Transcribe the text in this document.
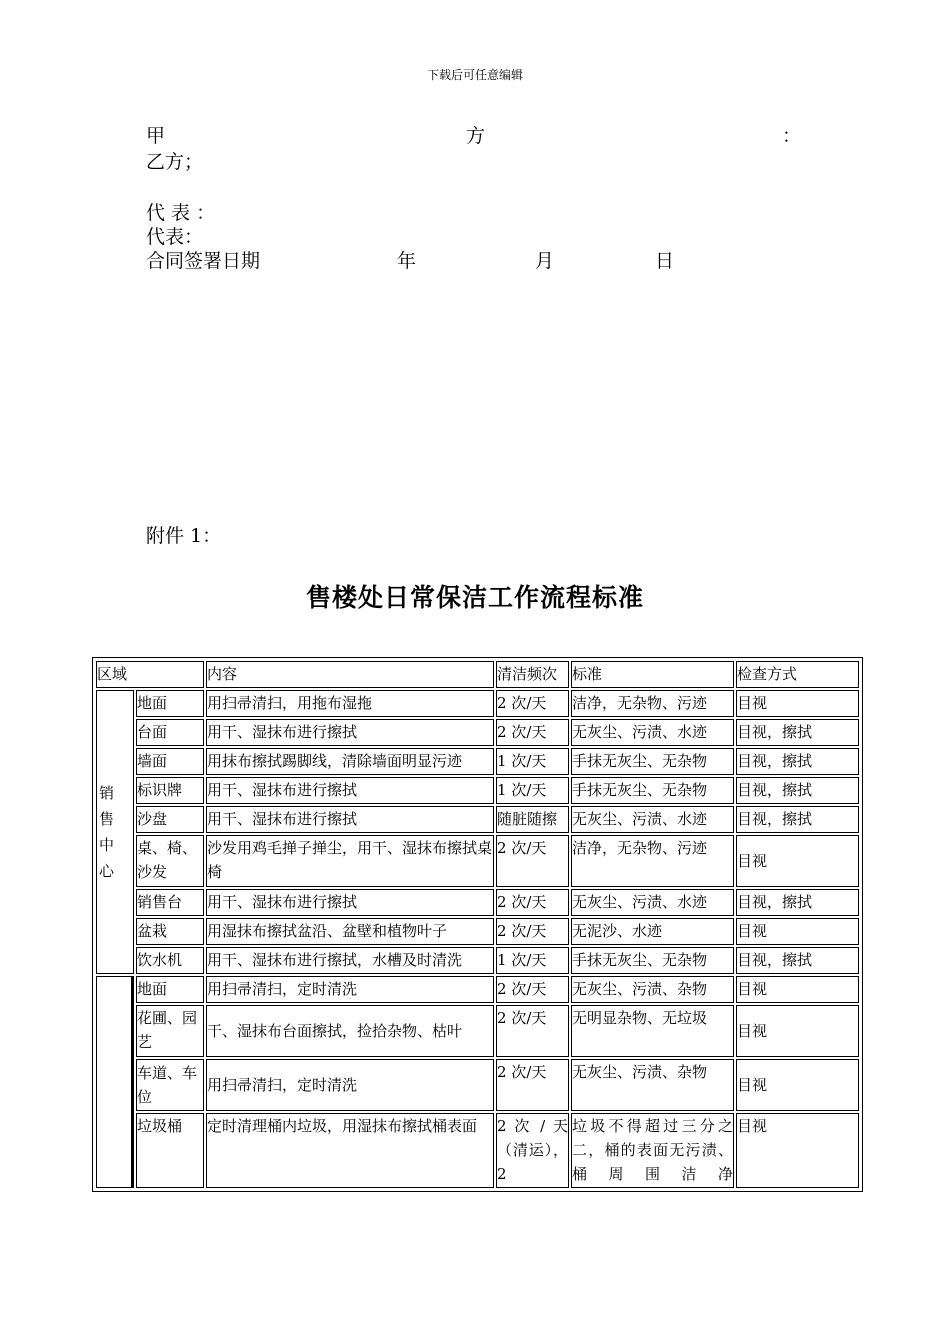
下载后可任意编辑
甲	方	：
乙方；
代 表 ：
代表：
合同签署日期	年	月	日
附件 1：
售楼处日常保洁工作流程标准
区域		内容	清洁频次	标准	检查方式

销
售
中
心	地面	用扫帚清扫，用拖布湿拖	2 次/天	洁净，无杂物、污迹	目视
	台面	用干、湿抹布进行擦拭	2 次/天	无灰尘、污渍、水迹	目视，擦拭
	墙面	用抹布擦拭踢脚线，清除墙面明显污迹	1 次/天	手抹无灰尘、无杂物	目视，擦拭
	标识牌	用干、湿抹布进行擦拭	1 次/天	手抹无灰尘、无杂物	目视，擦拭
	沙盘	用干、湿抹布进行擦拭	随脏随擦	无灰尘、污渍、水迹	目视，擦拭
	桌、椅、沙发	沙发用鸡毛掸子掸尘，用干、湿抹布擦拭桌椅	2 次/天	洁净，无杂物、污迹	目视
	销售台	用干、湿抹布进行擦拭	2 次/天	无灰尘、污渍、水迹	目视，擦拭
	盆栽	用湿抹布擦拭盆沿、盆壁和植物叶子	2 次/天	无泥沙、水迹	目视
	饮水机	用干、湿抹布进行擦拭，水槽及时清洗	1 次/天	手抹无灰尘、无杂物	目视，擦拭
	地面	用扫帚清扫，定时清洗	2 次/天	无灰尘、污渍、杂物	目视
	花圃、园艺	干、湿抹布台面擦拭，捡拾杂物、枯叶	2 次/天	无明显杂物、无垃圾	目视
	车道、车位	用扫帚清扫，定时清洗	2 次/天	无灰尘、污渍、杂物	目视
	垃圾桶	定时清理桶内垃圾，用湿抹布擦拭桶表面	2 次 / 天（清运），2	垃圾不得超过三分之二，桶的表面无污渍、桶周围洁净	目视
